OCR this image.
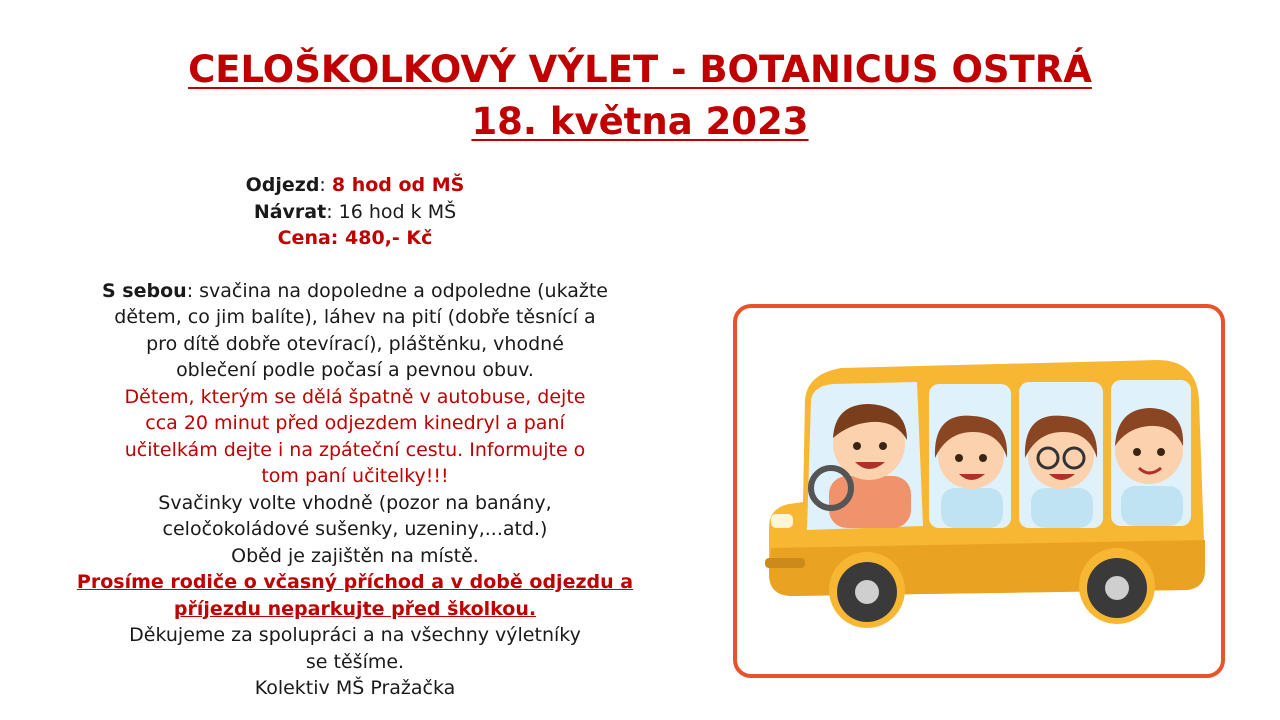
CELOŠKOLKOVÝ VÝLET - BOTANICUS OSTRÁ
18. května 2023

Odjezd: 8 hod od MŠ

Návrat: 16 hod k MŠ

Cena: 480,- Kč

S sebou: svačina na dopoledne a odpoledne (ukažte

dětem, co jim balíte), láhev na pití (dobře těsnící a

pro dítě dobře otevírací), pláštěnku, vhodné

oblečení podle počasí a pevnou obuv.

Dětem, kterým se dělá špatně v autobuse, dejte

cca 20 minut před odjezdem kinedryl a paní

učitelkám dejte i na zpáteční cestu. Informujte o

tom paní učitelky!!!

Svačinky volte vhodně (pozor na banány,

celočokoládové sušenky, uzeniny,...atd.)

Oběd je zajištěn na místě.

Prosíme rodiče o včasný příchod a v době odjezdu a

příjezdu neparkujte před školkou.

Děkujeme za spolupráci a na všechny výletníky

se těšíme.

Kolektiv MŠ Pražačka
